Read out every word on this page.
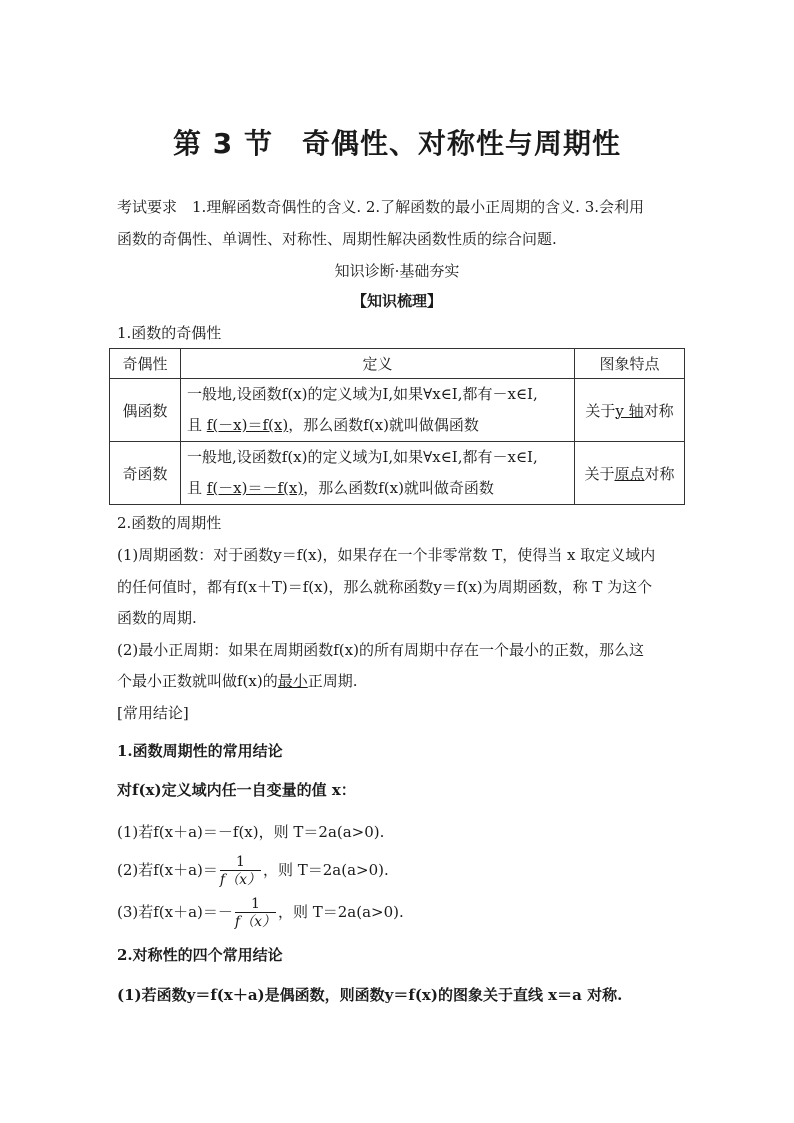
第 3 节　奇偶性、对称性与周期性
考试要求　1.理解函数奇偶性的含义. 2.了解函数的最小正周期的含义. 3.会利用
函数的奇偶性、单调性、对称性、周期性解决函数性质的综合问题.
知识诊断·基础夯实
【知识梳理】
1.函数的奇偶性
奇偶性	定义	图象特点
偶函数	一般地,设函数f(x)的定义域为I,如果∀x∈I,都有－x∈I,
且 f(－x)＝f(x)，那么函数f(x)就叫做偶函数	关于y 轴对称
奇函数	一般地,设函数f(x)的定义域为I,如果∀x∈I,都有－x∈I,
且 f(－x)＝－f(x)，那么函数f(x)就叫做奇函数	关于原点对称
2.函数的周期性
(1)周期函数：对于函数y＝f(x)，如果存在一个非零常数 T，使得当 x 取定义域内
的任何值时，都有f(x＋T)＝f(x)，那么就称函数y＝f(x)为周期函数，称 T 为这个
函数的周期.
(2)最小正周期：如果在周期函数f(x)的所有周期中存在一个最小的正数，那么这
个最小正数就叫做f(x)的最小正周期.
[常用结论]
1.函数周期性的常用结论
对f(x)定义域内任一自变量的值 x：
(1)若f(x＋a)＝－f(x)，则 T＝2a(a>0).
(2)若$f(x+a)= \frac{1}{f(x)}$ ，则 T＝2a(a>0).
(3)若$f(x+a)=- \frac{1}{f(x)}$ ，则 T＝2a(a>0).
2.对称性的四个常用结论
(1)若函数y＝f(x＋a)是偶函数，则函数y＝f(x)的图象关于直线 x＝a 对称.
